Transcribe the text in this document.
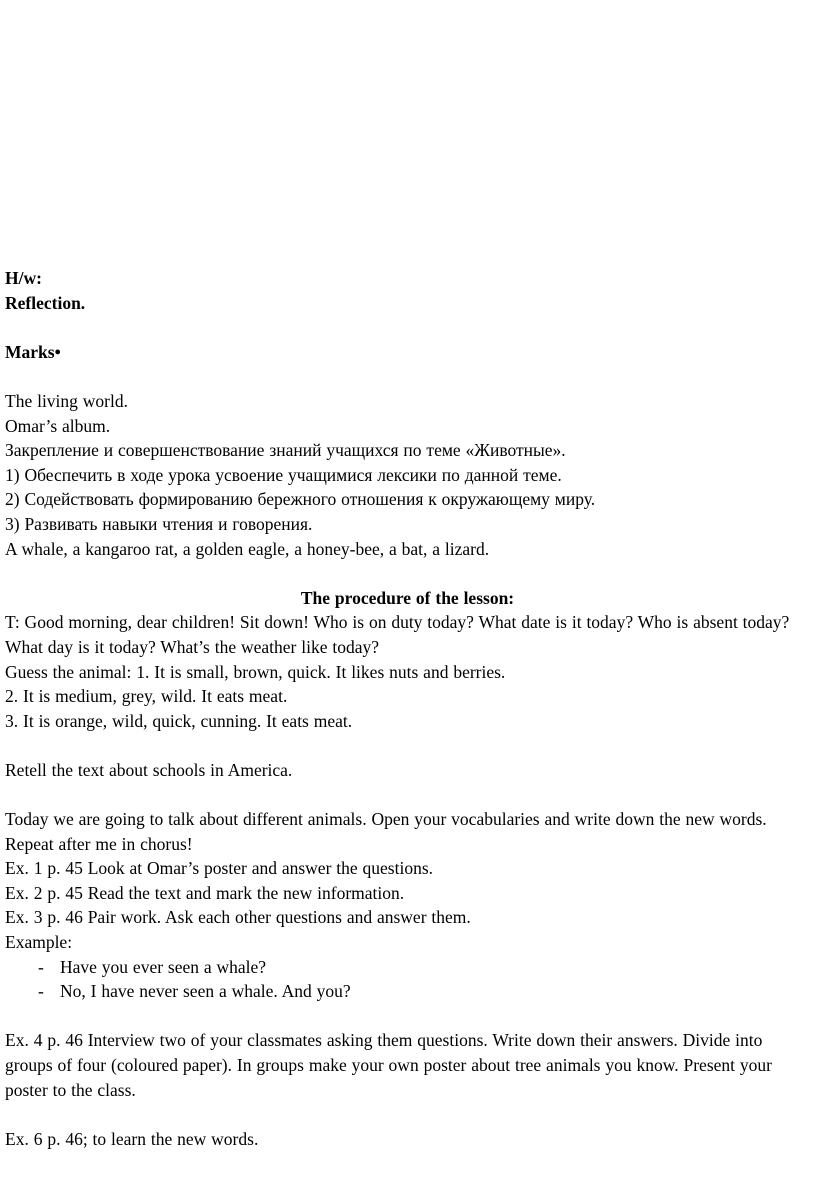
H/w:

Reflection.

Marks•

The living world.

Omar’s album.

Закрепление и совершенствование знаний учащихся по теме «Животные».

1) Обеспечить в ходе урока усвоение учащимися лексики по данной теме.

2) Содействовать формированию бережного отношения к окружающему миру.

3) Развивать навыки чтения и говорения.

A whale, a kangaroo rat, a golden eagle, a honey-bee, a bat, a lizard.

The procedure of the lesson:

T: Good morning, dear children! Sit down! Who is on duty today? What date is it today? Who is absent today?

What day is it today? What’s the weather like today?

Guess the animal: 1. It is small, brown, quick. It likes nuts and berries.

2. It is medium, grey, wild. It eats meat.

3. It is orange, wild, quick, cunning. It eats meat.

Retell the text about schools in America.

Today we are going to talk about different animals. Open your vocabularies and write down the new words. Repeat after me in chorus!

Ex. 1 p. 45 Look at Omar’s poster and answer the questions.

Ex. 2 p. 45 Read the text and mark the new information.

Ex. 3 p. 46 Pair work. Ask each other questions and answer them.

Example:

- Have you ever seen a whale?

- No, I have never seen a whale. And you?

Ex. 4 p. 46 Interview two of your classmates asking them questions. Write down their answers. Divide into groups of four (coloured paper). In groups make your own poster about tree animals you know. Present your poster to the class.

Ex. 6 p. 46; to learn the new words.
